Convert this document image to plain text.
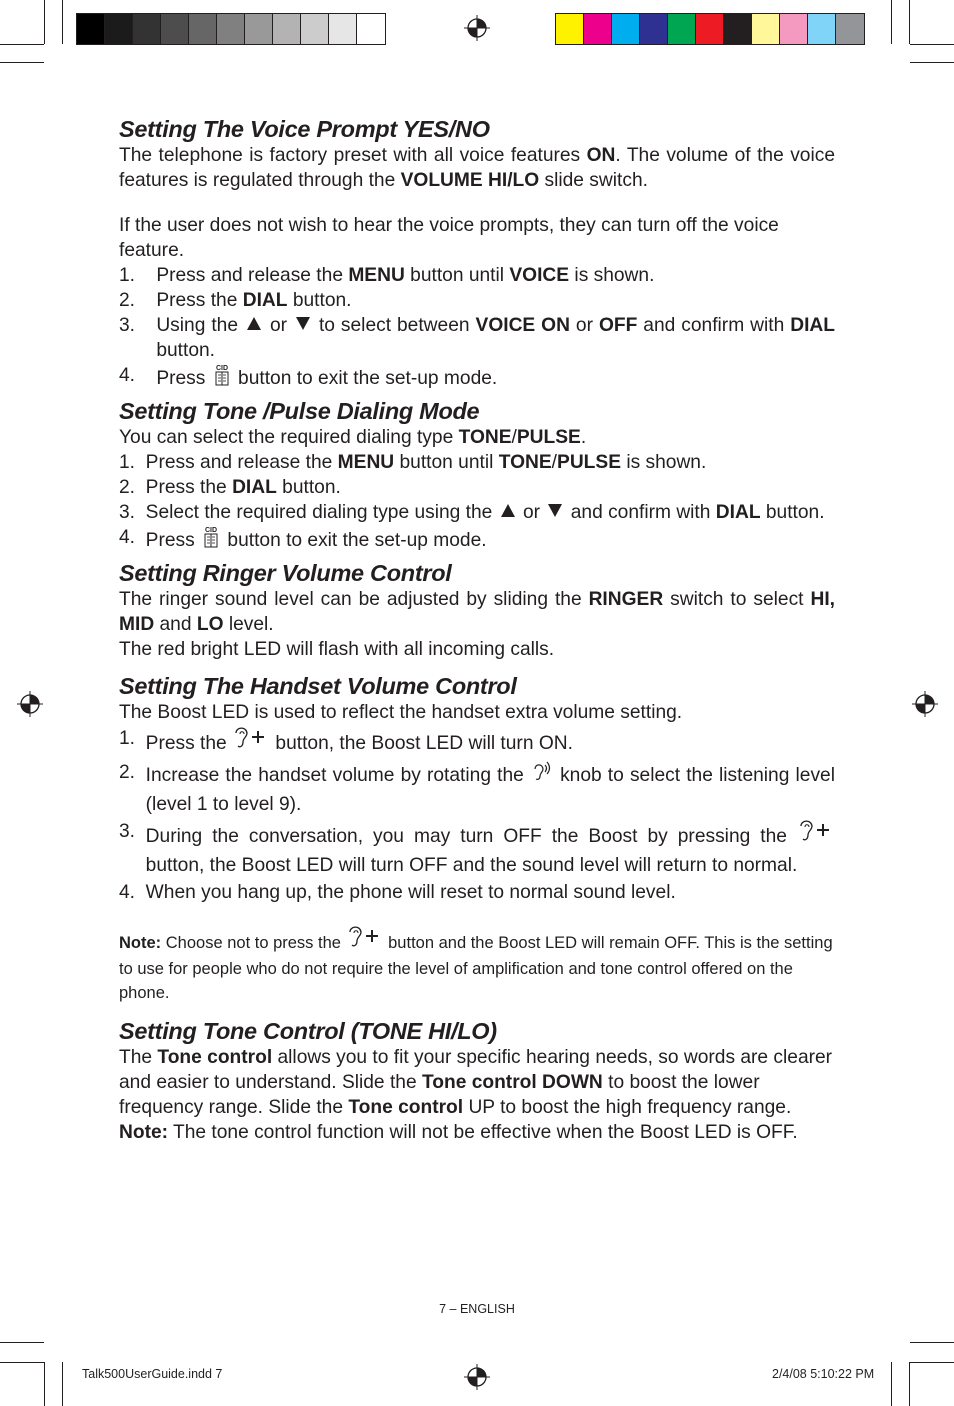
Setting The Voice Prompt YES/NO

The telephone is factory preset with all voice features ON. The volume of the voice features is regulated through the VOLUME HI/LO slide switch.

If the user does not wish to hear the voice prompts, they can turn off the voice feature.

1. Press and release the MENU button until VOICE is shown.
2. Press the DIAL button.
3. Using the  or  to select between VOICE ON or OFF and confirm with DIAL button.
4. Press CID button to exit the set-up mode.
Setting Tone /Pulse Dialing Mode

You can select the required dialing type TONE/PULSE.

1. Press and release the MENU button until TONE/PULSE is shown.
2. Press the DIAL button.
3. Select the required dialing type using the  or  and confirm with DIAL button.
4. Press CID button to exit the set-up mode.
Setting Ringer Volume Control

The ringer sound level can be adjusted by sliding the RINGER switch to select HI, MID and LO level.

The red bright LED will flash with all incoming calls.

Setting The Handset Volume Control

The Boost LED is used to reflect the handset extra volume setting.

1. Press the  button, the Boost LED will turn ON.
2. Increase the handset volume by rotating the  knob to select the listening level (level 1 to level 9).
3. During the conversation, you may turn OFF the Boost by pressing the  button, the Boost LED will turn OFF and the sound level will return to normal.
4. When you hang up, the phone will reset to normal sound level.

Note: Choose not to press the  button and the Boost LED will remain OFF. This is the setting to use for people who do not require the level of amplification and tone control offered on the phone.

Setting Tone Control (TONE HI/LO)

The Tone control allows you to fit your specific hearing needs, so words are clearer and easier to understand. Slide the Tone control DOWN to boost the lower frequency range. Slide the Tone control UP to boost the high frequency range. Note: The tone control function will not be effective when the Boost LED is OFF.

7 – ENGLISH
Talk500UserGuide.indd 7	2/4/08 5:10:22 PM
